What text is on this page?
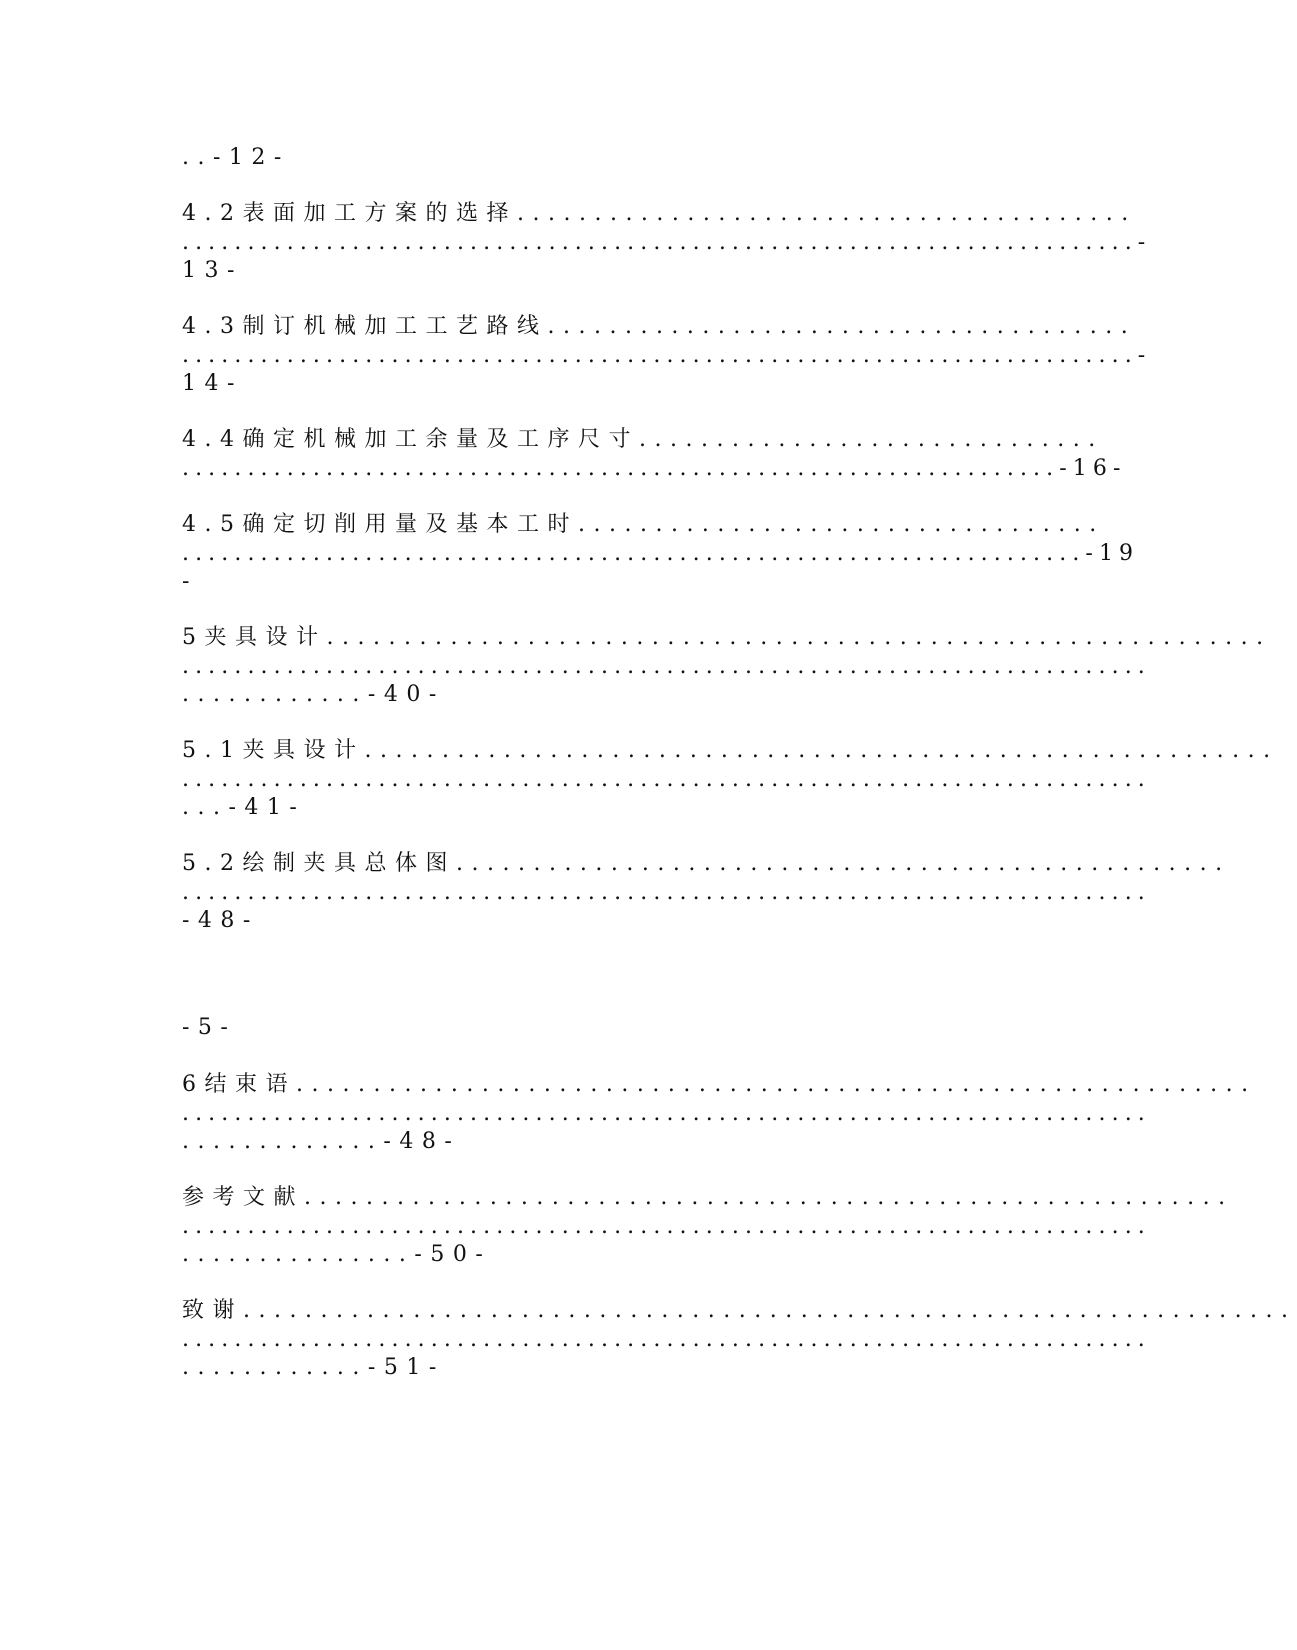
..-12-

4.2表面加工方案的选择........................................

.........................................................................-

13-

4.3制订机械加工工艺路线......................................

.........................................................................-

14-

4.4确定机械加工余量及工序尺寸..............................

...................................................................-16-

4.5确定切削用量及基本工时..................................

.....................................................................-19

-

5夹具设计.............................................................

..........................................................................

............-40-

5.1夹具设计...........................................................

..........................................................................

...-41-

5.2绘制夹具总体图..................................................

..........................................................................

-48-

-5-

6结束语..............................................................

..........................................................................

.............-48-

参考文献............................................................

..........................................................................

...............-50-

致谢....................................................................

..........................................................................

............-51-
